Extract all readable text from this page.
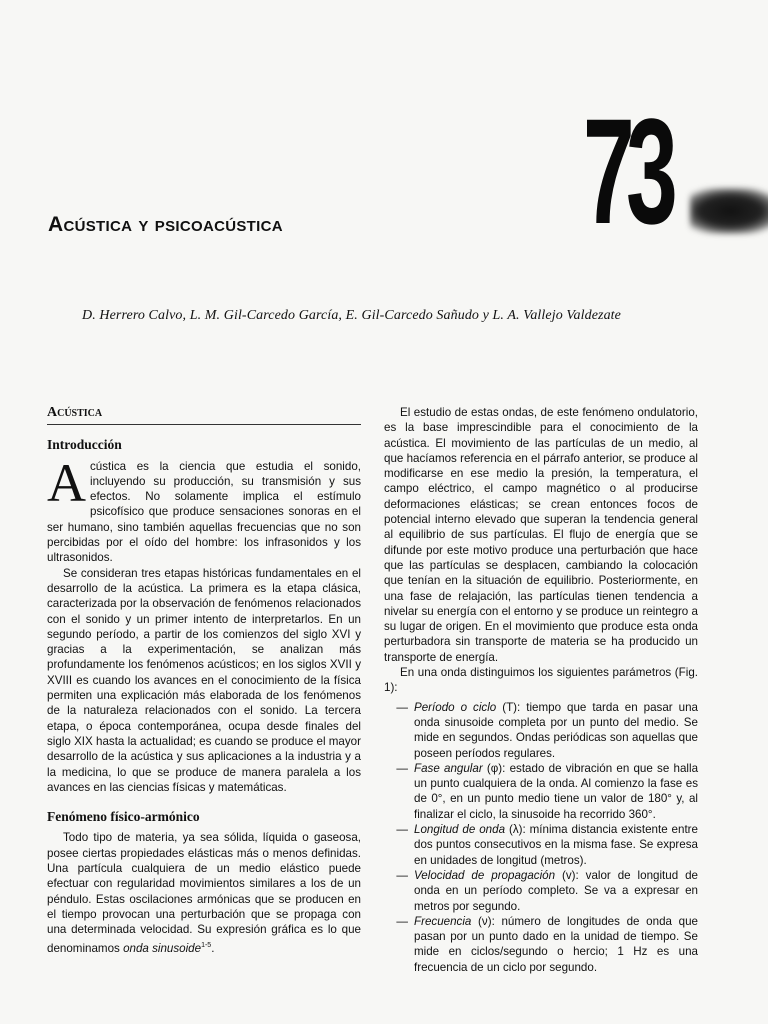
73
Acústica y psicoacústica

D. Herrero Calvo, L. M. Gil-Carcedo García, E. Gil-Carcedo Sañudo y L. A. Vallejo Valdezate

Acústica
Introducción

Acústica es la ciencia que estudia el sonido, incluyendo su producción, su transmisión y sus efectos. No solamente implica el estímulo psicofísico que produce sensaciones sonoras en el ser humano, sino también aquellas frecuencias que no son percibidas por el oído del hombre: los infrasonidos y los ultrasonidos.

Se consideran tres etapas históricas fundamentales en el desarrollo de la acústica. La primera es la etapa clásica, caracterizada por la observación de fenómenos relacionados con el sonido y un primer intento de interpretarlos. En un segundo período, a partir de los comienzos del siglo XVI y gracias a la experimentación, se analizan más profundamente los fenómenos acústicos; en los siglos XVII y XVIII es cuando los avances en el conocimiento de la física permiten una explicación más elaborada de los fenómenos de la naturaleza relacionados con el sonido. La tercera etapa, o época contemporánea, ocupa desde finales del siglo XIX hasta la actualidad; es cuando se produce el mayor desarrollo de la acústica y sus aplicaciones a la industria y a la medicina, lo que se produce de manera paralela a los avances en las ciencias físicas y matemáticas.

Fenómeno físico-armónico

Todo tipo de materia, ya sea sólida, líquida o gaseosa, posee ciertas propiedades elásticas más o menos definidas. Una partícula cualquiera de un medio elástico puede efectuar con regularidad movimientos similares a los de un péndulo. Estas oscilaciones armónicas que se producen en el tiempo provocan una perturbación que se propaga con una determinada velocidad. Su expresión gráfica es lo que denominamos onda sinusoide$^{1-5}$.

El estudio de estas ondas, de este fenómeno ondulatorio, es la base imprescindible para el conocimiento de la acústica. El movimiento de las partículas de un medio, al que hacíamos referencia en el párrafo anterior, se produce al modificarse en ese medio la presión, la temperatura, el campo eléctrico, el campo magnético o al producirse deformaciones elásticas; se crean entonces focos de potencial interno elevado que superan la tendencia general al equilibrio de sus partículas. El flujo de energía que se difunde por este motivo produce una perturbación que hace que las partículas se desplacen, cambiando la colocación que tenían en la situación de equilibrio. Posteriormente, en una fase de relajación, las partículas tienen tendencia a nivelar su energía con el entorno y se produce un reintegro a su lugar de origen. En el movimiento que produce esta onda perturbadora sin transporte de materia se ha producido un transporte de energía.

En una onda distinguimos los siguientes parámetros (Fig. 1):

— Período o ciclo (T): tiempo que tarda en pasar una onda sinusoide completa por un punto del medio. Se mide en segundos. Ondas periódicas son aquellas que poseen períodos regulares.
— Fase angular (φ): estado de vibración en que se halla un punto cualquiera de la onda. Al comienzo la fase es de 0°, en un punto medio tiene un valor de 180° y, al finalizar el ciclo, la sinusoide ha recorrido 360°.
— Longitud de onda (λ): mínima distancia existente entre dos puntos consecutivos en la misma fase. Se expresa en unidades de longitud (metros).
— Velocidad de propagación (v): valor de longitud de onda en un período completo. Se va a expresar en metros por segundo.
— Frecuencia (ν): número de longitudes de onda que pasan por un punto dado en la unidad de tiempo. Se mide en ciclos/segundo o hercio; 1 Hz es una frecuencia de un ciclo por segundo.
